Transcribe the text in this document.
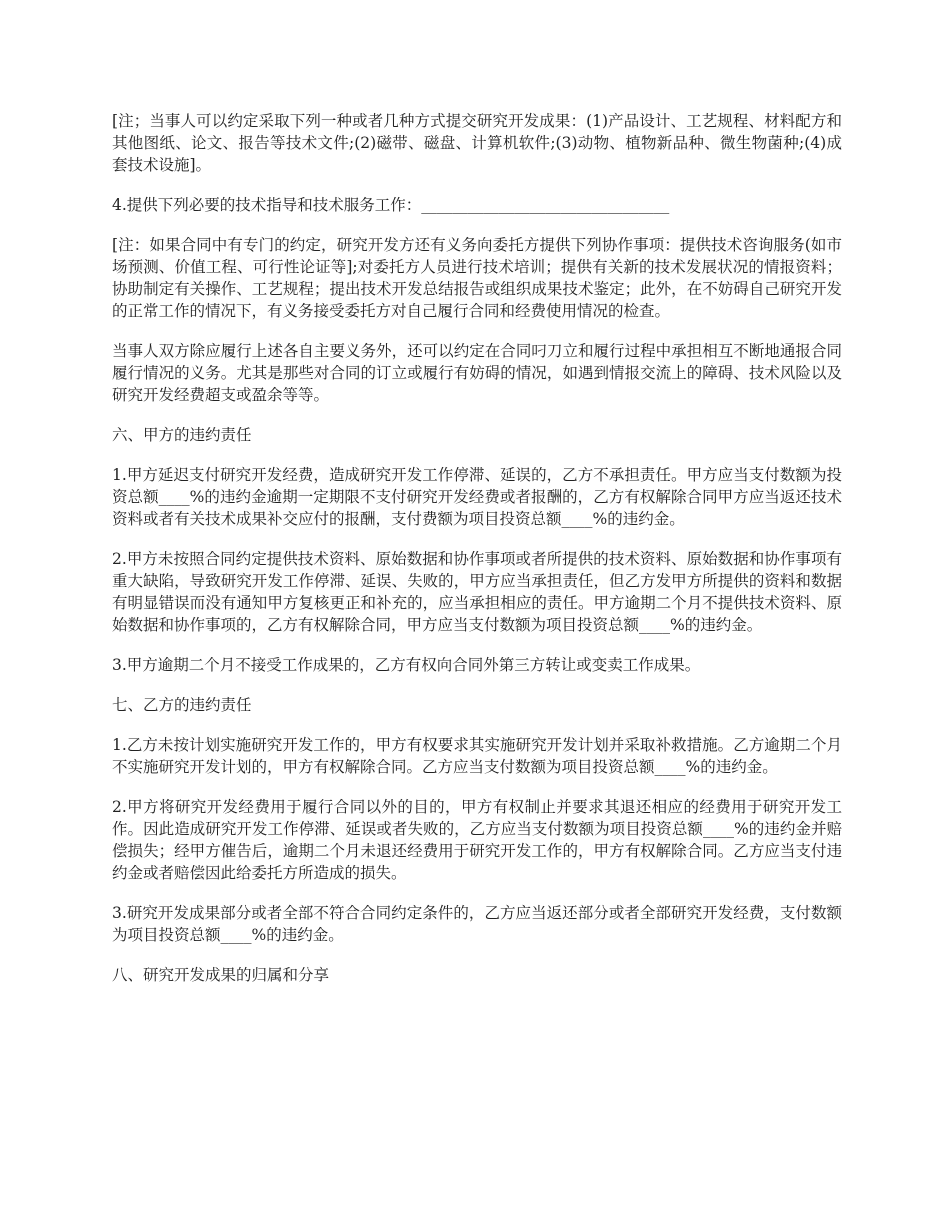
[注；当事人可以约定采取下列一种或者几种方式提交研究开发成果：(1)产品设计、工艺规程、材料配方和其他图纸、论文、报告等技术文件;(2)磁带、磁盘、计算机软件;(3)动物、植物新品种、微生物菌种;(4)成套技术设施]。

4.提供下列必要的技术指导和技术服务工作：________________________________

[注：如果合同中有专门的约定，研究开发方还有义务向委托方提供下列协作事项：提供技术咨询服务(如市场预测、价值工程、可行性论证等];对委托方人员进行技术培训；提供有关新的技术发展状况的情报资料；协助制定有关操作、工艺规程；提出技术开发总结报告或组织成果技术鉴定；此外，在不妨碍自己研究开发的正常工作的情况下，有义务接受委托方对自己履行合同和经费使用情况的检查。

当事人双方除应履行上述各自主要义务外，还可以约定在合同叼刀立和履行过程中承担相互不断地通报合同履行情况的义务。尤其是那些对合同的订立或履行有妨碍的情况，如遇到情报交流上的障碍、技术风险以及研究开发经费超支或盈余等等。

六、甲方的违约责任

1.甲方延迟支付研究开发经费，造成研究开发工作停滞、延误的，乙方不承担责任。甲方应当支付数额为投资总额____%的违约金逾期一定期限不支付研究开发经费或者报酬的，乙方有权解除合同甲方应当返还技术资料或者有关技术成果补交应付的报酬，支付费额为项目投资总额____%的违约金。

2.甲方未按照合同约定提供技术资料、原始数据和协作事项或者所提供的技术资料、原始数据和协作事项有重大缺陷，导致研究开发工作停滞、延误、失败的，甲方应当承担责任，但乙方发甲方所提供的资料和数据有明显错误而没有通知甲方复核更正和补充的，应当承担相应的责任。甲方逾期二个月不提供技术资料、原始数据和协作事项的，乙方有权解除合同，甲方应当支付数额为项目投资总额____%的违约金。

3.甲方逾期二个月不接受工作成果的，乙方有权向合同外第三方转让或变卖工作成果。

七、乙方的违约责任

1.乙方未按计划实施研究开发工作的，甲方有权要求其实施研究开发计划并采取补救措施。乙方逾期二个月不实施研究开发计划的，甲方有权解除合同。乙方应当支付数额为项目投资总额____%的违约金。

2.甲方将研究开发经费用于履行合同以外的目的，甲方有权制止并要求其退还相应的经费用于研究开发工作。因此造成研究开发工作停滞、延误或者失败的，乙方应当支付数额为项目投资总额____%的违约金并赔偿损失；经甲方催告后，逾期二个月未退还经费用于研究开发工作的，甲方有权解除合同。乙方应当支付违约金或者赔偿因此给委托方所造成的损失。

3.研究开发成果部分或者全部不符合合同约定条件的，乙方应当返还部分或者全部研究开发经费，支付数额为项目投资总额____%的违约金。

八、研究开发成果的归属和分享
